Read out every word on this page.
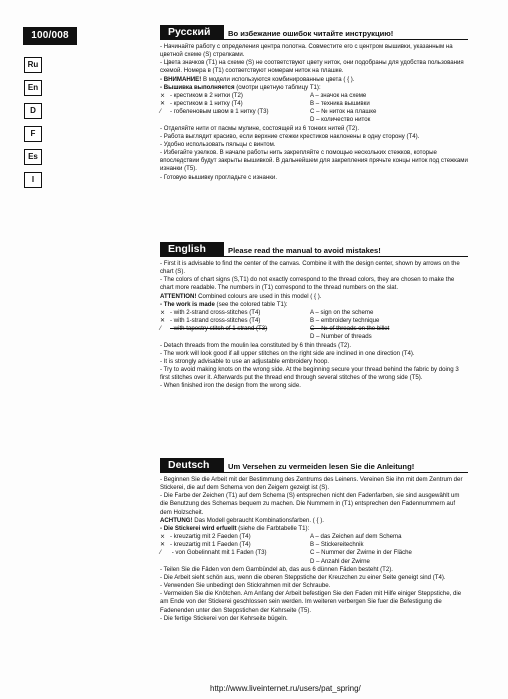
100/008
Ru
En
D
F
Es
I
Русский	Во избежание ошибок читайте инструкцию!

- Начинайте работу с определения центра полотна. Совместите его с центром вышивки, указанным на цветной схеме (S) стрелками.

- Цвета значков (T1) на схеме (S) не соответствуют цвету ниток, они подобраны для удобства пользования схемой. Номера в (T1) соответствуют номерам ниток на плашке.

- ВНИМАНИЕ! В модели используются комбинированные цвета ( { ).

- Вышивка выполняется (смотри цветную таблицу T1):

⨯ - крестиком в 2 нитки (T2)	A – значок на схеме
✕ - крестиком в 1 нитку (T4)	B – техника вышивки
⁄ - гобеленовым швом в 1 нитку (T3)	C – № ниток на плашке
D – количество ниток

- Отделяйте нити от пасмы мулине, состоящей из 6 тонких нитей (T2).

- Работа выглядит красиво, если верхние стежки крестиков наклонены в одну сторону (T4).

- Удобно использовать пяльцы с винтом.

- Избегайте узелков. В начале работы нить закрепляйте с помощью нескольких стежков, которые впоследствии будут закрыты вышивкой. В дальнейшем для закрепления прячьте концы ниток под стежками изнанки (T5).

- Готовую вышивку прогладьте с изнанки.

English	Please read the manual to avoid mistakes!

- First it is advisable to find the center of the canvas. Combine it with the design center, shown by arrows on the chart (S).

- The colors of chart signs (S,T1) do not exactly correspond to the thread colors, they are chosen to make the chart more readable. The numbers in (T1) correspond to the thread numbers on the slat.

ATTENTION! Combined colours are used in this model ( { ).

- The work is made (see the colored table T1):

⨯ - with 2-strand cross-stitches (T4)	A – sign on the scheme
✕ - with 1-strand cross-stitches (T4)	B – embroidery technique
⁄ - with tapestry stitch of 1 strand (T3)	C – № of threads on the billet
D – Number of threads

- Detach threads from the moulin lea constituted by 6 thin threads (T2).

- The work will look good if all upper stitches on the right side are inclined in one direction (T4).

- It is strongly advisable to use an adjustable embroidery hoop.

- Try to avoid making knots on the wrong side. At the beginning secure your thread behind the fabric by doing 3 first stitches over it. Afterwards put the thread end through several stitches of the wrong side (T5).

- When finished iron the design from the wrong side.

Deutsch	Um Versehen zu vermeiden lesen Sie die Anleitung!

- Beginnen Sie die Arbeit mit der Bestimmung des Zentrums des Leinens. Vereinen Sie ihn mit dem Zentrum der Stickerei, die auf dem Schema von den Zeigern gezeigt ist (S).

- Die Farbe der Zeichen (T1) auf dem Schema (S) entsprechen nicht den Fadenfarben, sie sind ausgewählt um die Benutzung des Schemas bequem zu machen. Die Nummern in (T1) entsprechen den Fadennummern auf dem Holzscheit.

ACHTUNG! Das Modell gebraucht Kombinationsfarben. ( { ).

- Die Stickerei wird erfuellt (siehe die Farbtabelle T1):

⨯ - kreuzartig mit 2 Faeden (T4)	A – das Zeichen auf dem Schema
✕ - kreuzartig mit 1 Faeden (T4)	B – Stickereitechnik
⁄ - von Gobelinnaht mit 1 Faden (T3)	C – Nummer der Zwirne in der Fläche
D – Anzahl der Zwirne

- Teilen Sie die Fäden von dem Garnbündel ab, das aus 6 dünnen Fäden besteht (T2).

- Die Arbeit sieht schön aus, wenn die oberen Steppstiche der Kreuzchen zu einer Seite geneigt sind (T4).

- Verwenden Sie unbedingt den Stickrahmen mit der Schraube.

- Vermeiden Sie die Knötchen. Am Anfang der Arbeit befestigen Sie den Faden mit Hilfe einiger Steppstiche, die am Ende von der Stickerei geschlossen sein werden. Im weiteren verbergen Sie fuer die Befestigung die Fadenenden unter den Steppstichen der Kehrseite (T5).

- Die fertige Stickerei von der Kehrseite bügeln.

http://www.liveinternet.ru/users/pat_spring/
